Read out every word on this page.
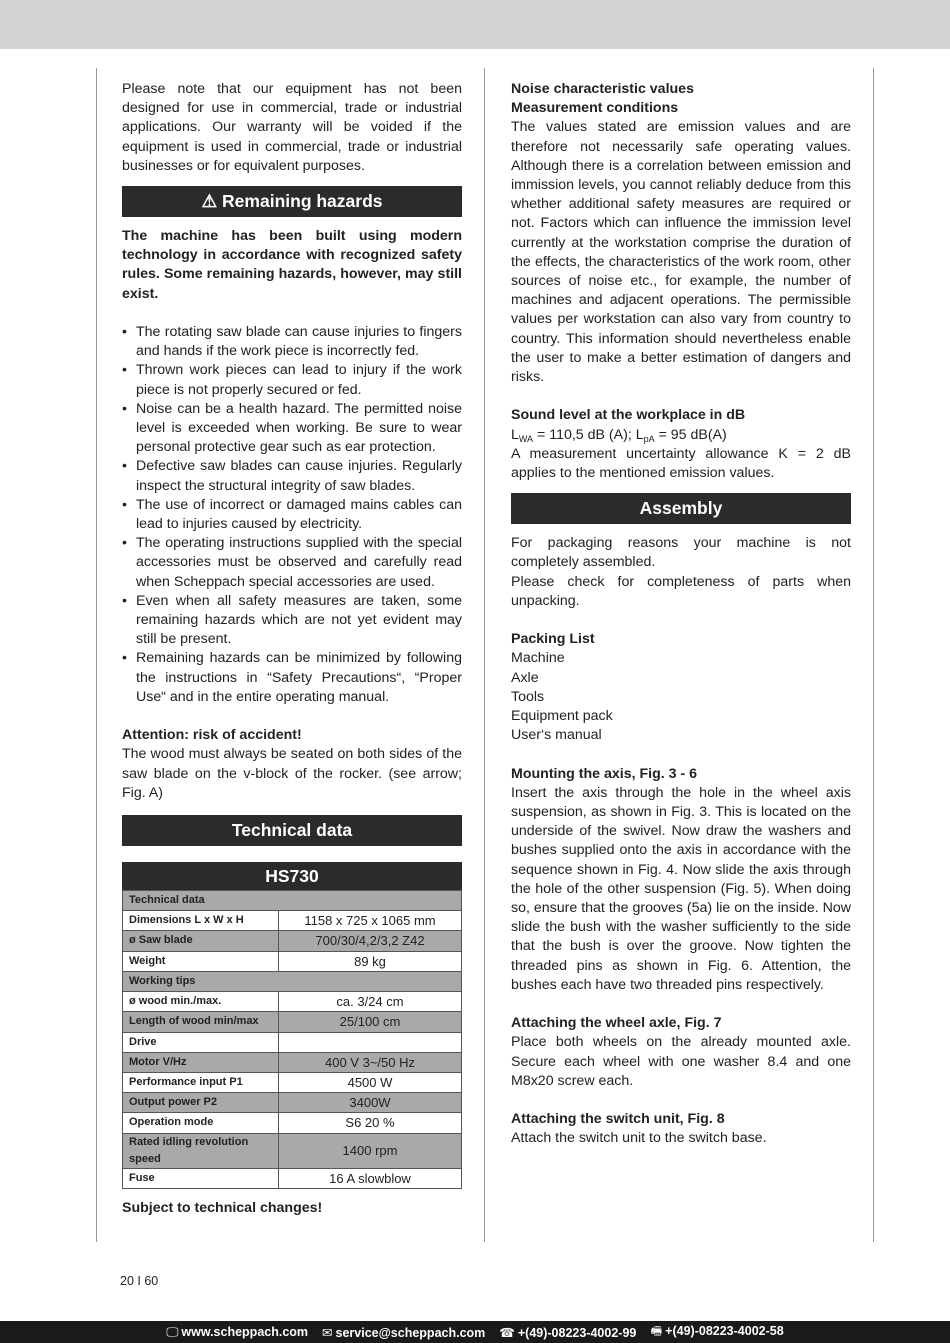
Please note that our equipment has not been designed for use in commercial, trade or industrial applications. Our warranty will be voided if the equipment is used in commercial, trade or industrial businesses or for equivalent purposes.

⚠ Remaining hazards

The machine has been built using modern technology in accordance with recognized safety rules. Some remaining hazards, however, may still exist.

• The rotating saw blade can cause injuries to fingers and hands if the work piece is incorrectly fed.
• Thrown work pieces can lead to injury if the work piece is not properly secured or fed.
• Noise can be a health hazard. The permitted noise level is exceeded when working. Be sure to wear personal protective gear such as ear protection.
• Defective saw blades can cause injuries. Regularly inspect the structural integrity of saw blades.
• The use of incorrect or damaged mains cables can lead to injuries caused by electricity.
• The operating instructions supplied with the special accessories must be observed and carefully read when Scheppach special accessories are used.
• Even when all safety measures are taken, some remaining hazards which are not yet evident may still be present.
• Remaining hazards can be minimized by following the instructions in “Safety Precautions“, “Proper Use“ and in the entire operating manual.

Attention: risk of accident!

The wood must always be seated on both sides of the saw blade on the v-block of the rocker. (see arrow; Fig. A)

Technical data
HS730
Technical data	
Dimensions L x W x H	1158 x 725 x 1065 mm
ø Saw blade	700/30/4,2/3,2 Z42
Weight	89 kg
Working tips	
ø wood min./max.	ca. 3/24 cm
Length of wood min/max	25/100 cm
Drive	
Motor V/Hz	400 V 3~/50 Hz
Performance input P1	4500 W
Output power P2	3400W
Operation mode	S6 20 %
Rated idling revolution speed	1400 rpm
Fuse	16 A slowblow

Subject to technical changes!

Noise characteristic values

Measurement conditions

The values stated are emission values and are therefore not necessarily safe operating values. Although there is a correlation between emission and immission levels, you cannot reliably deduce from this whether additional safety measures are required or not. Factors which can influence the immission level currently at the workstation comprise the duration of the effects, the characteristics of the work room, other sources of noise etc., for example, the number of machines and adjacent operations. The permissible values per workstation can also vary from country to country. This information should nevertheless enable the user to make a better estimation of dangers and risks.

Sound level at the workplace in dB

$L_{WA} = 110,5$ dB (A); $L_{pA} = 95$ dB(A)

A measurement uncertainty allowance K = 2 dB applies to the mentioned emission values.

Assembly

For packaging reasons your machine is not completely assembled.

Please check for completeness of parts when unpacking.

Packing List

Machine

Axle

Tools

Equipment pack

User‘s manual

Mounting the axis, Fig. 3 - 6

Insert the axis through the hole in the wheel axis suspension, as shown in Fig. 3. This is located on the underside of the swivel. Now draw the washers and bushes supplied onto the axis in accordance with the sequence shown in Fig. 4. Now slide the axis through the hole of the other suspension (Fig. 5). When doing so, ensure that the grooves (5a) lie on the inside. Now slide the bush with the washer sufficiently to the side that the bush is over the groove. Now tighten the threaded pins as shown in Fig. 6. Attention, the bushes each have two threaded pins respectively.

Attaching the wheel axle, Fig. 7

Place both wheels on the already mounted axle. Secure each wheel with one washer 8.4 and one M8x20 screw each.

Attaching the switch unit, Fig. 8

Attach the switch unit to the switch base.

20 I 60
🖵 www.scheppach.com ✉ service@scheppach.com ☎ +(49)-08223-4002-99 🖷 +(49)-08223-4002-58
